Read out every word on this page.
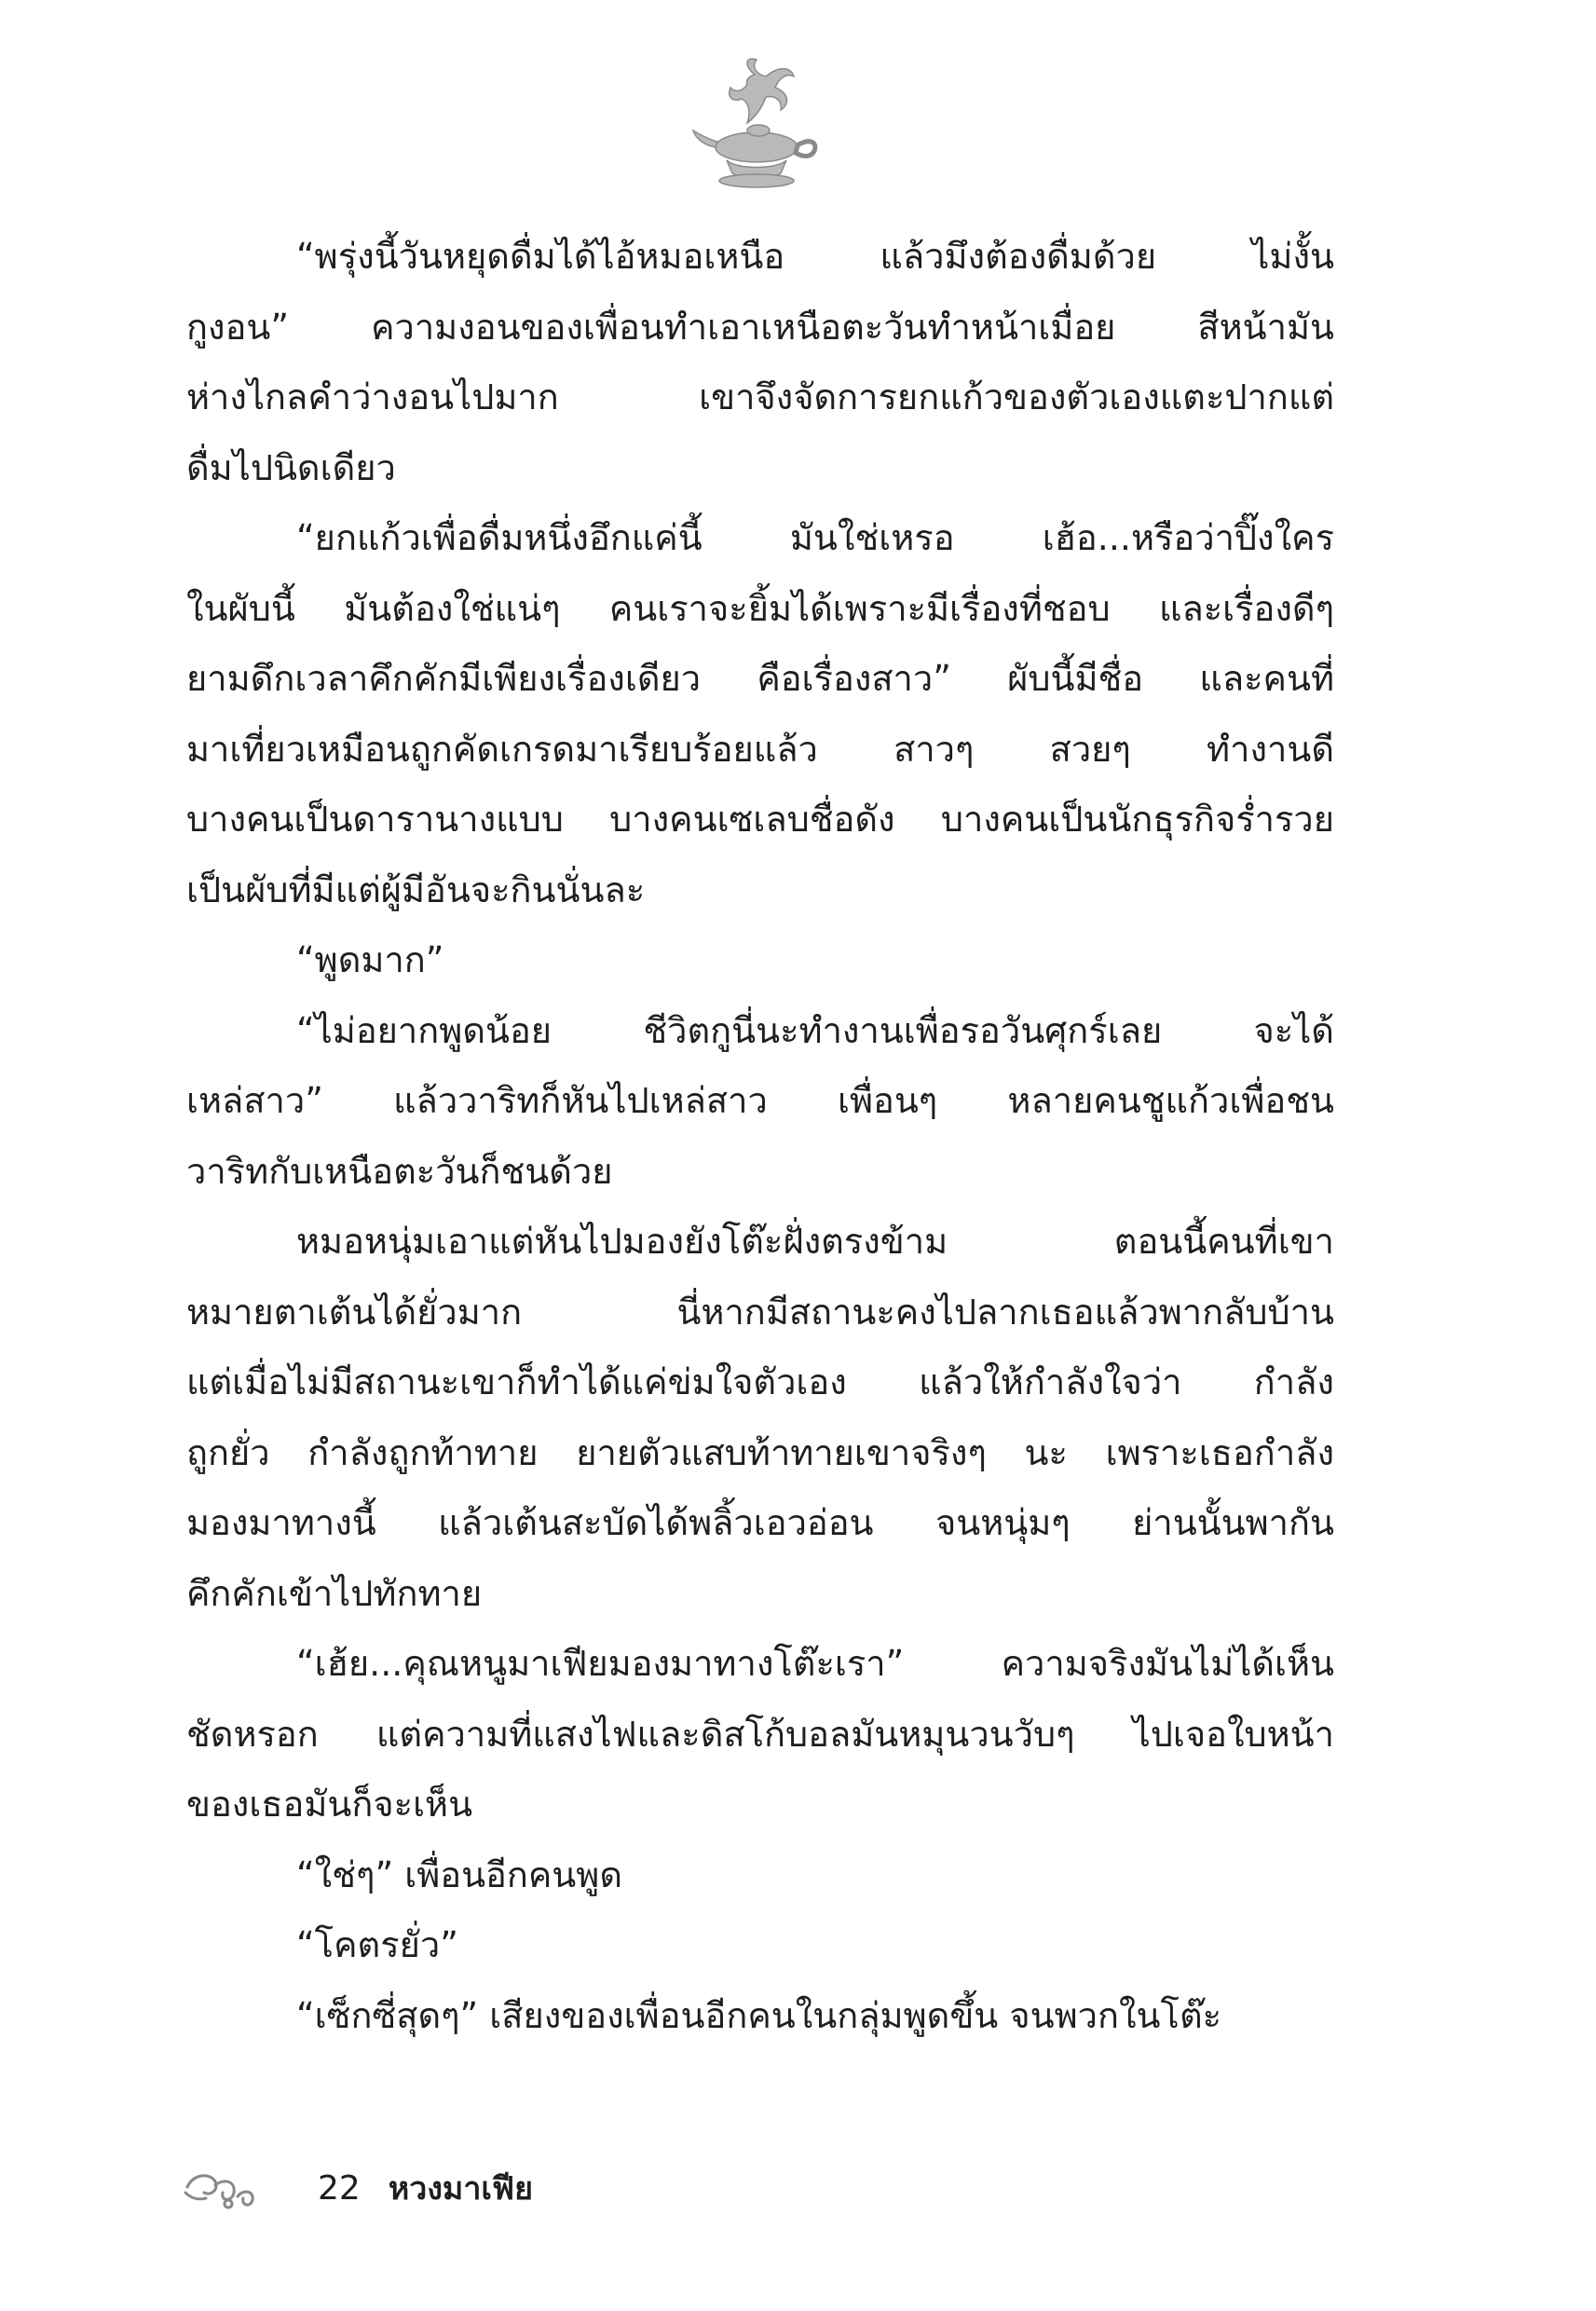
“พรุ่งนี้วันหยุดดื่มได้ไอ้หมอเหนือ แล้วมึงต้องดื่มด้วย ไม่งั้น
กูงอน” ความงอนของเพื่อนทำเอาเหนือตะวันทำหน้าเมื่อย สีหน้ามัน
ห่างไกลคำว่างอนไปมาก เขาจึงจัดการยกแก้วของตัวเองแตะปากแต่
ดื่มไปนิดเดียว
“ยกแก้วเพื่อดื่มหนึ่งอึกแค่นี้ มันใช่เหรอ เฮ้อ...หรือว่าปิ๊งใคร
ในผับนี้ มันต้องใช่แน่ๆ คนเราจะยิ้มได้เพราะมีเรื่องที่ชอบ และเรื่องดีๆ
ยามดึกเวลาคึกคักมีเพียงเรื่องเดียว คือเรื่องสาว” ผับนี้มีชื่อ และคนที่
มาเที่ยวเหมือนถูกคัดเกรดมาเรียบร้อยแล้ว สาวๆ สวยๆ ทำงานดี
บางคนเป็นดารานางแบบ บางคนเซเลบชื่อดัง บางคนเป็นนักธุรกิจร่ำรวย
เป็นผับที่มีแต่ผู้มีอันจะกินนั่นละ
“พูดมาก”
“ไม่อยากพูดน้อย ชีวิตกูนี่นะทำงานเพื่อรอวันศุกร์เลย จะได้
เหล่สาว” แล้ววาริทก็หันไปเหล่สาว เพื่อนๆ หลายคนชูแก้วเพื่อชน
วาริทกับเหนือตะวันก็ชนด้วย
หมอหนุ่มเอาแต่หันไปมองยังโต๊ะฝั่งตรงข้าม ตอนนี้คนที่เขา
หมายตาเต้นได้ยั่วมาก นี่หากมีสถานะคงไปลากเธอแล้วพากลับบ้าน
แต่เมื่อไม่มีสถานะเขาก็ทำได้แค่ข่มใจตัวเอง แล้วให้กำลังใจว่า กำลัง
ถูกยั่ว กำลังถูกท้าทาย ยายตัวแสบท้าทายเขาจริงๆ นะ เพราะเธอกำลัง
มองมาทางนี้ แล้วเต้นสะบัดได้พลิ้วเอวอ่อน จนหนุ่มๆ ย่านนั้นพากัน
คึกคักเข้าไปทักทาย
“เฮ้ย...คุณหนูมาเฟียมองมาทางโต๊ะเรา” ความจริงมันไม่ได้เห็น
ชัดหรอก แต่ความที่แสงไฟและดิสโก้บอลมันหมุนวนวับๆ ไปเจอใบหน้า
ของเธอมันก็จะเห็น
“ใช่ๆ” เพื่อนอีกคนพูด
“โคตรยั่ว”
“เซ็กซี่สุดๆ” เสียงของเพื่อนอีกคนในกลุ่มพูดขึ้น จนพวกในโต๊ะ
22 หวงมาเฟีย
